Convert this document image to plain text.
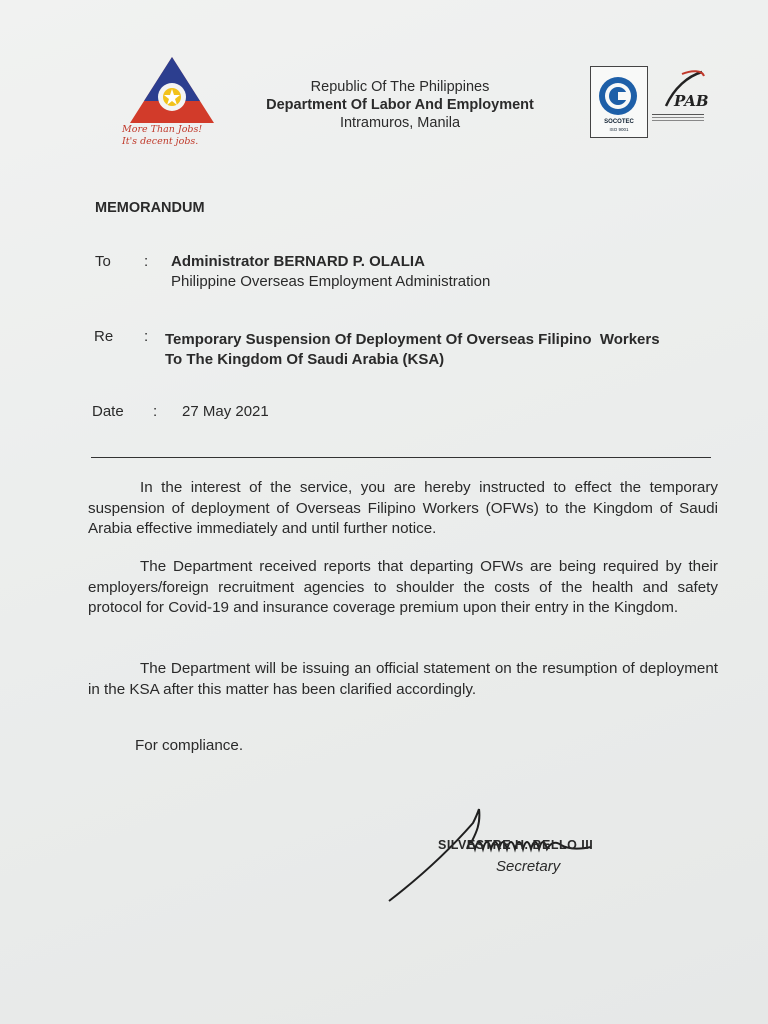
More Than Jobs!
It's decent jobs.
Republic Of The Philippines
Department Of Labor And Employment
Intramuros, Manila	SOCOTEC
ISO 9001
PAB
MEMORANDUM
To : Administrator BERNARD P. OLALIA
Philippine Overseas Employment Administration
Re : Temporary Suspension Of Deployment Of Overseas Filipino  Workers
To The Kingdom Of Saudi Arabia (KSA)
Date : 27 May 2021
In the interest of the service, you are hereby instructed to effect the temporary suspension of deployment of Overseas Filipino Workers (OFWs) to the Kingdom of Saudi Arabia effective immediately and until further notice.
The Department received reports that departing OFWs are being required by their employers/foreign recruitment agencies to shoulder the costs of the health and safety protocol for Covid-19 and insurance coverage premium upon their entry in the Kingdom.
The Department will be issuing an official statement on the resumption of deployment in the KSA after this matter has been clarified accordingly.
For compliance.
SILVESTRE H. BELLO III
Secretary
